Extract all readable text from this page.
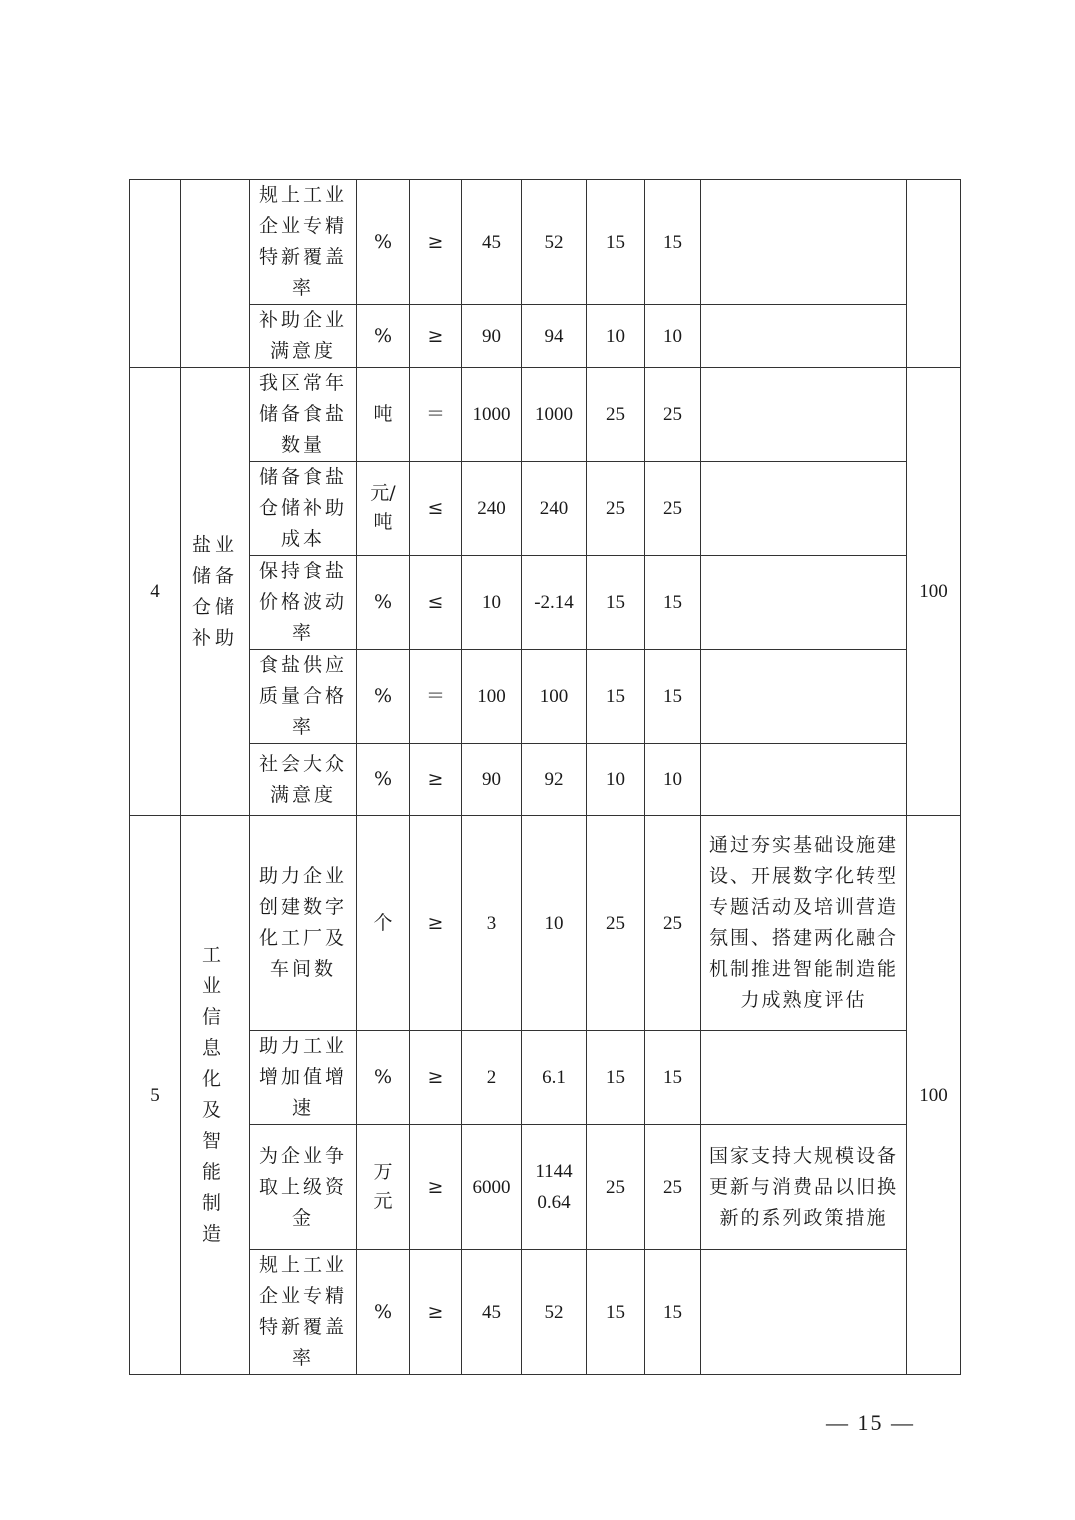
		规上工业企业专精特新覆盖率	%	≥	45	52	15	15		
		补助企业满意度	%	≥	90	94	10	10		
4	盐业储备仓储补助	我区常年储备食盐数量	吨	＝	1000	1000	25	25		100
		储备食盐仓储补助成本	元/吨	≤	240	240	25	25		
		保持食盐价格波动率	%	≤	10	-2.14	15	15		
		食盐供应质量合格率	%	＝	100	100	15	15		
		社会大众满意度	%	≥	90	92	10	10		
5	工业信息化及智能制造	助力企业创建数字化工厂及车间数	个	≥	3	10	25	25	通过夯实基础设施建设、开展数字化转型专题活动及培训营造氛围、搭建两化融合机制推进智能制造能力成熟度评估	100
		助力工业增加值增速	%	≥	2	6.1	15	15		
		为企业争取上级资金	万元	≥	6000	11440.64	25	25	国家支持大规模设备更新与消费品以旧换新的系列政策措施	
		规上工业企业专精特新覆盖率	%	≥	45	52	15	15		
— 15 —
